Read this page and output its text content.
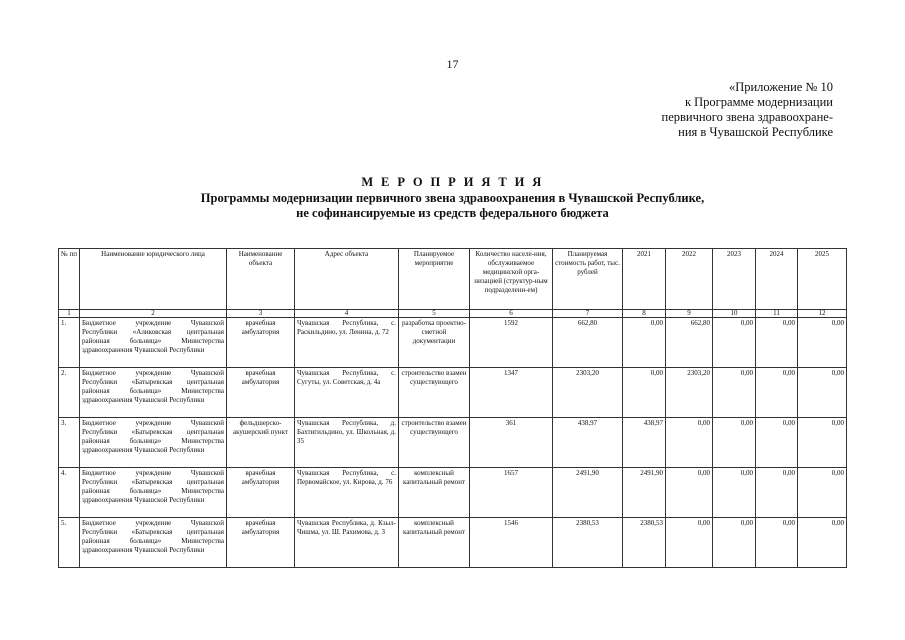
17
«Приложение № 10
к Программе модернизации
первичного звена здравоохране-
ния в Чувашской Республике
М Е Р О П Р И Я Т И Я
Программы модернизации первичного звена здравоохранения в Чувашской Республике,
не софинансируемые из средств федерального бюджета
№ пп	Наименование юридического лица	Наименование объекта	Адрес объекта	Планируемое мероприятие	Количество населе-ния, обслуживаемое медицинской орга-низацией (структур-ным подразделени-ем)	Планируемая стоимость работ, тыс. рублей	2021	2022	2023	2024	2025
1	2	3	4	5	6	7	8	9	10	11	12
1.	Бюджетное учреждение Чувашской Республики «Аликовская центральная районная больница» Министерства здравоохранения Чувашской Республики	врачебная амбулатория	Чувашская Республика, с. Раскильдино, ул. Ленина, д. 72	разработка проектно-сметной документации	1592	662,80	0,00	662,80	0,00	0,00	0,00
2.	Бюджетное учреждение Чувашской Республики «Батыревская центральная районная больница» Министерства здравоохранения Чувашской Республики	врачебная амбулатория	Чувашская Республика, с. Сугуты, ул. Советская, д. 4а	строительство взамен существующего	1347	2303,20	0,00	2303,20	0,00	0,00	0,00
3.	Бюджетное учреждение Чувашской Республики «Батыревская центральная районная больница» Министерства здравоохранения Чувашской Республики	фельдшерско-акушерский пункт	Чувашская Республика, д. Бахтигильдино, ул. Школьная, д. 35	строительство взамен существующего	361	438,97	438,97	0,00	0,00	0,00	0,00
4.	Бюджетное учреждение Чувашской Республики «Батыревская центральная районная больница» Министерства здравоохранения Чувашской Республики	врачебная амбулатория	Чувашская Республика, с. Первомайское, ул. Кирова, д. 76	комплексный капитальный ремонт	1657	2491,90	2491,90	0,00	0,00	0,00	0,00
5.	Бюджетное учреждение Чувашской Республики «Батыревская центральная районная больница» Министерства здравоохранения Чувашской Республики	врачебная амбулатория	Чувашская Республика, д. Кзыл-Чишма, ул. Ш. Рахимова, д. 3	комплексный капитальный ремонт	1546	2380,53	2380,53	0,00	0,00	0,00	0,00
